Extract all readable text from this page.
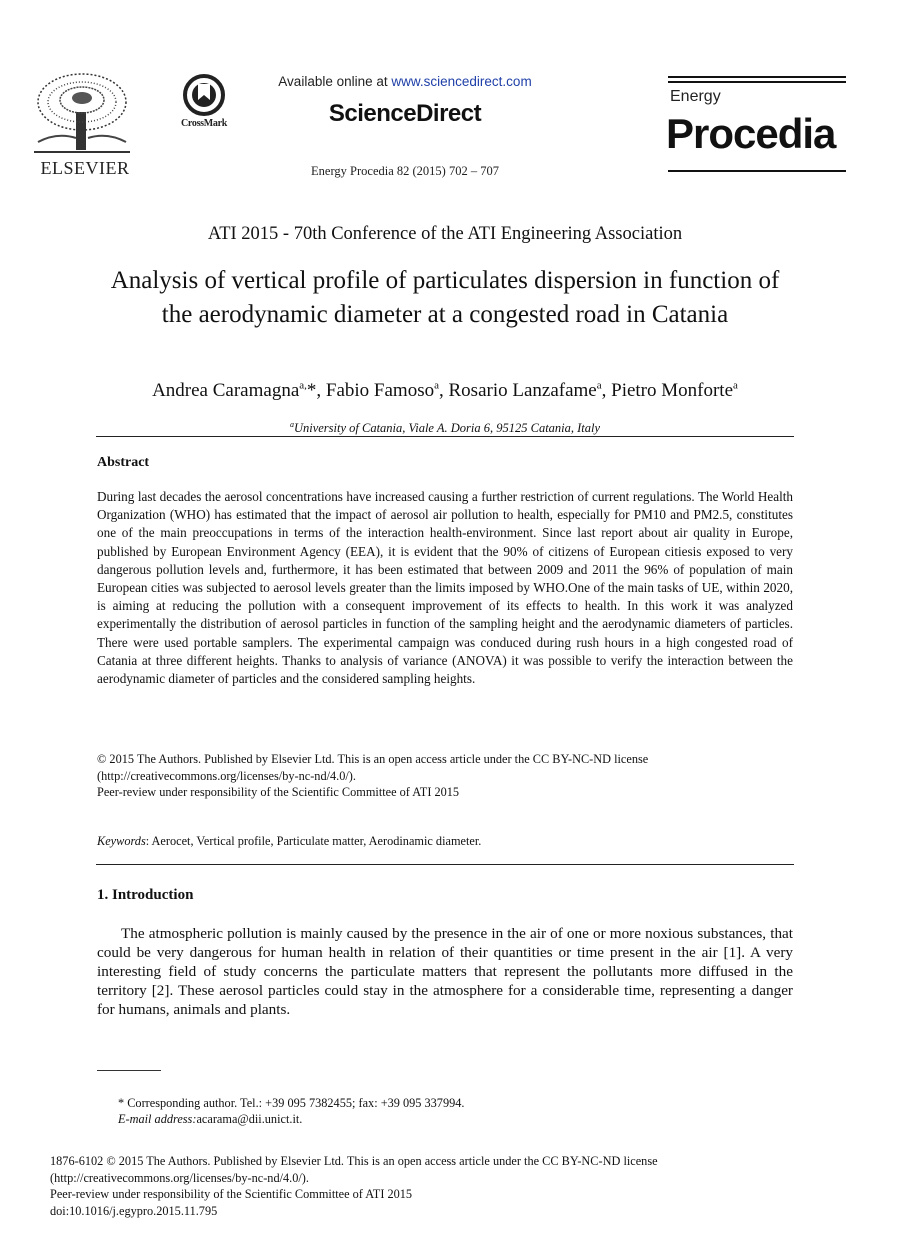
ELSEVIER
CrossMark
Available online at www.sciencedirect.com
ScienceDirect
Energy Procedia 82 (2015) 702 – 707
Energy
Procedia
ATI 2015 - 70th Conference of the ATI Engineering Association
Analysis of vertical profile of particulates dispersion in function of the aerodynamic diameter at a congested road in Catania
Andrea Caramagna$^{a,}$*, Fabio Famoso$^a$, Rosario Lanzafame$^a$, Pietro Monforte$^a$
$^a$University of Catania, Viale A. Doria 6, 95125 Catania, Italy
Abstract
During last decades the aerosol concentrations have increased causing a further restriction of current regulations. The World Health Organization (WHO) has estimated that the impact of aerosol air pollution to health, especially for PM10 and PM2.5, constitutes one of the main preoccupations in terms of the interaction health-environment. Since last report about air quality in Europe, published by European Environment Agency (EEA), it is evident that the 90% of citizens of European citiesis exposed to very dangerous pollution levels and, furthermore, it has been estimated that between 2009 and 2011 the 96% of population of main European cities was subjected to aerosol levels greater than the limits imposed by WHO.One of the main tasks of UE, within 2020, is aiming at reducing the pollution with a consequent improvement of its effects to health. In this work it was analyzed experimentally the distribution of aerosol particles in function of the sampling height and the aerodynamic diameters of particles. There were used portable samplers. The experimental campaign was conduced during rush hours in a high congested road of Catania at three different heights. Thanks to analysis of variance (ANOVA) it was possible to verify the interaction between the aerodynamic diameter of particles and the considered sampling heights.
© 2015 The Authors. Published by Elsevier Ltd. This is an open access article under the CC BY-NC-ND license
(http://creativecommons.org/licenses/by-nc-nd/4.0/).
Peer-review under responsibility of the Scientific Committee of ATI 2015
Keywords: Aerocet, Vertical profile, Particulate matter, Aerodinamic diameter.
1. Introduction
The atmospheric pollution is mainly caused by the presence in the air of one or more noxious substances, that could be very dangerous for human health in relation of their quantities or time present in the air [1]. A very interesting field of study concerns the particulate matters that represent the pollutants more diffused in the territory [2]. These aerosol particles could stay in the atmosphere for a considerable time, representing a danger for humans, animals and plants.
* Corresponding author. Tel.: +39 095 7382455; fax: +39 095 337994.
E-mail address:acarama@dii.unict.it.
1876-6102 © 2015 The Authors. Published by Elsevier Ltd. This is an open access article under the CC BY-NC-ND license
(http://creativecommons.org/licenses/by-nc-nd/4.0/).
Peer-review under responsibility of the Scientific Committee of ATI 2015
doi:10.1016/j.egypro.2015.11.795
